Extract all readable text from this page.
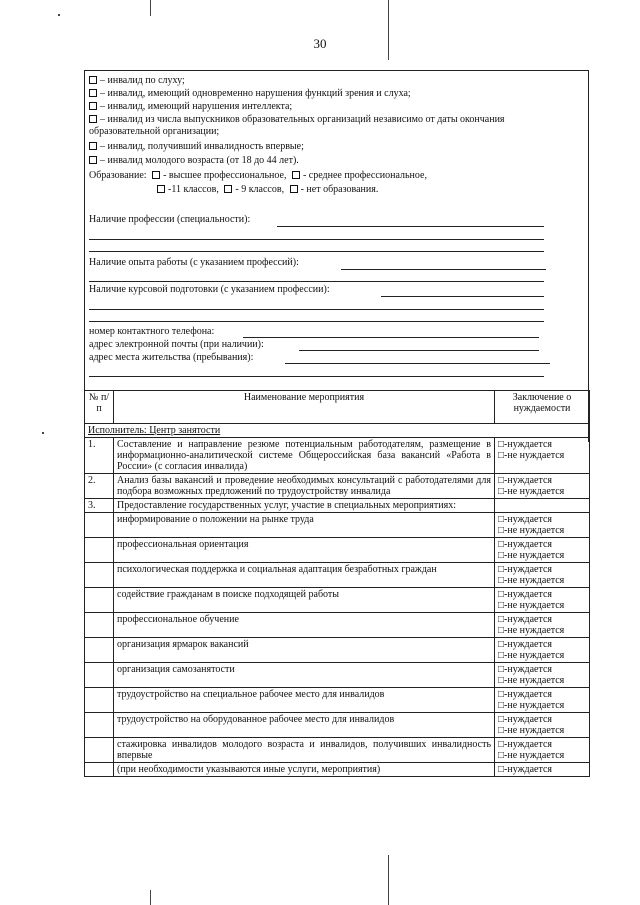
30
– инвалид по слуху;
– инвалид, имеющий одновременно нарушения функций зрения и слуха;
– инвалид, имеющий нарушения интеллекта;
– инвалид из числа выпускников образовательных организаций независимо от даты окончания образовательной организации;
– инвалид, получивший инвалидность впервые;
– инвалид молодого возраста (от 18 до 44 лет).
Образование: - высшее профессиональное, - среднее профессиональное,
-11 классов, - 9 классов, - нет образования.
Наличие профессии (специальности):
Наличие опыта работы (с указанием профессий):
Наличие курсовой подготовки (с указанием профессии):
номер контактного телефона:
адрес электронной почты (при наличии):
адрес места жительства (пребывания):
№ п/п	Наименование мероприятия	Заключение о нуждаемости
Исполнитель: Центр занятости		
1.	Составление и направление резюме потенциальным работодателям, размещение в информационно-аналитической системе Общероссийская база вакансий «Работа в России» (с согласия инвалида)	□-нуждается
□-не нуждается

2.	Анализ базы вакансий и проведение необходимых консультаций с работодателями для подбора возможных предложений по трудоустройству инвалида	□-нуждается
□-не нуждается

3.	Предоставление государственных услуг, участие в специальных мероприятиях:	
	информирование о положении на рынке труда	□-нуждается
□-не нуждается

	профессиональная ориентация	□-нуждается
□-не нуждается

	психологическая поддержка и социальная адаптация безработных граждан	□-нуждается
□-не нуждается

	содействие гражданам в поиске подходящей работы	□-нуждается
□-не нуждается

	профессиональное обучение	□-нуждается
□-не нуждается

	организация ярмарок вакансий	□-нуждается
□-не нуждается

	организация самозанятости	□-нуждается
□-не нуждается

	трудоустройство на специальное рабочее место для инвалидов	□-нуждается
□-не нуждается

	трудоустройство на оборудованное рабочее место для инвалидов	□-нуждается
□-не нуждается

	стажировка инвалидов молодого возраста и инвалидов, получивших инвалидность впервые	□-нуждается
□-не нуждается

	(при необходимости указываются иные услуги, мероприятия)	□-нуждается
